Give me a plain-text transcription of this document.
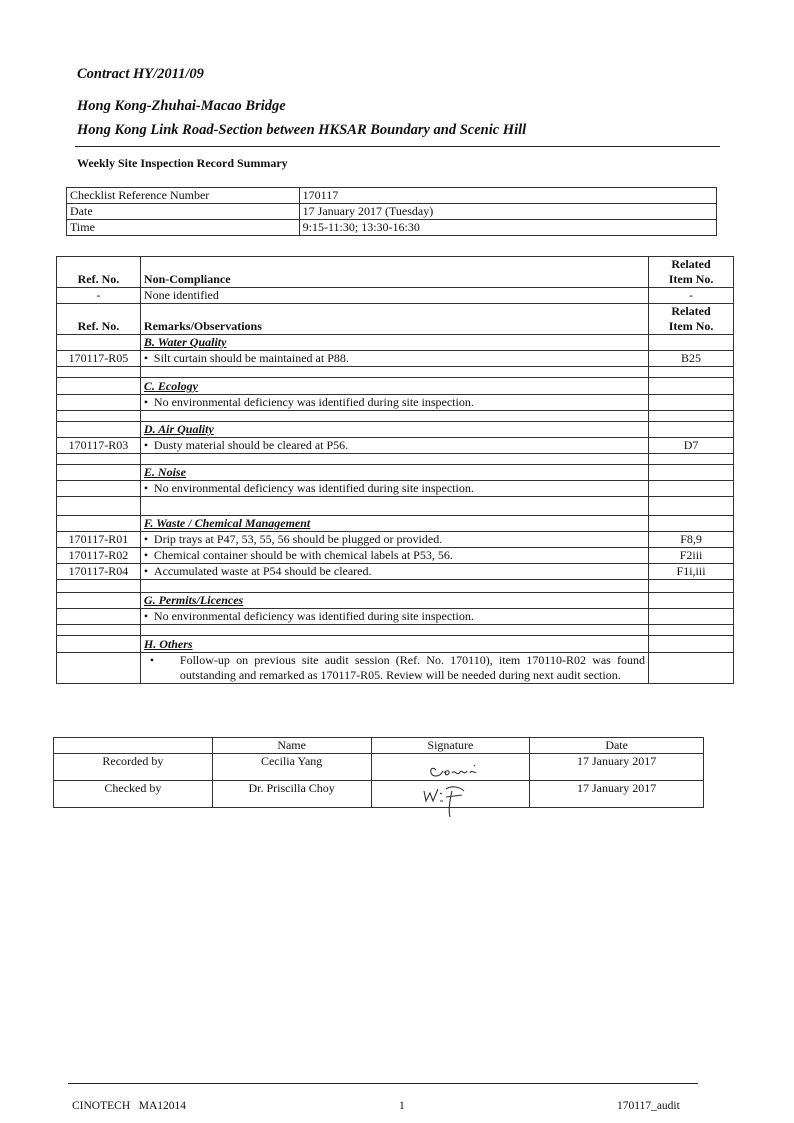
Contract HY/2011/09
Hong Kong-Zhuhai-Macao Bridge
Hong Kong Link Road-Section between HKSAR Boundary and Scenic Hill
Weekly Site Inspection Record Summary
Checklist Reference Number	170117
Date	17 January 2017 (Tuesday)
Time	9:15-11:30; 13:30-16:30
Ref. No.	Non-Compliance	Related
Item No.
-	None identified	-
Ref. No.	Remarks/Observations	Related
Item No.
	B. Water Quality	
170117-R05	• Silt curtain should be maintained at P88.	B25

	C. Ecology	
	• No environmental deficiency was identified during site inspection.	

	D. Air Quality	
170117-R03	• Dusty material should be cleared at P56.	D7

	E. Noise	
	• No environmental deficiency was identified during site inspection.	

	F. Waste / Chemical Management	
170117-R01	• Drip trays at P47, 53, 55, 56 should be plugged or provided.	F8,9
170117-R02	• Chemical container should be with chemical labels at P53, 56.	F2iii
170117-R04	• Accumulated waste at P54 should be cleared.	F1i,iii

	G. Permits/Licences	
	• No environmental deficiency was identified during site inspection.	

	H. Others	

	• Follow-up on previous site audit session (Ref. No. 170110), item 170110-R02 was found outstanding and remarked as 170117-R05. Review will be needed during next audit section.	

	Name	Signature	Date
Recorded by	Cecilia Yang		17 January 2017
Checked by	Dr. Priscilla Choy		17 January 2017
CINOTECH   MA12014	1	170117_audit
